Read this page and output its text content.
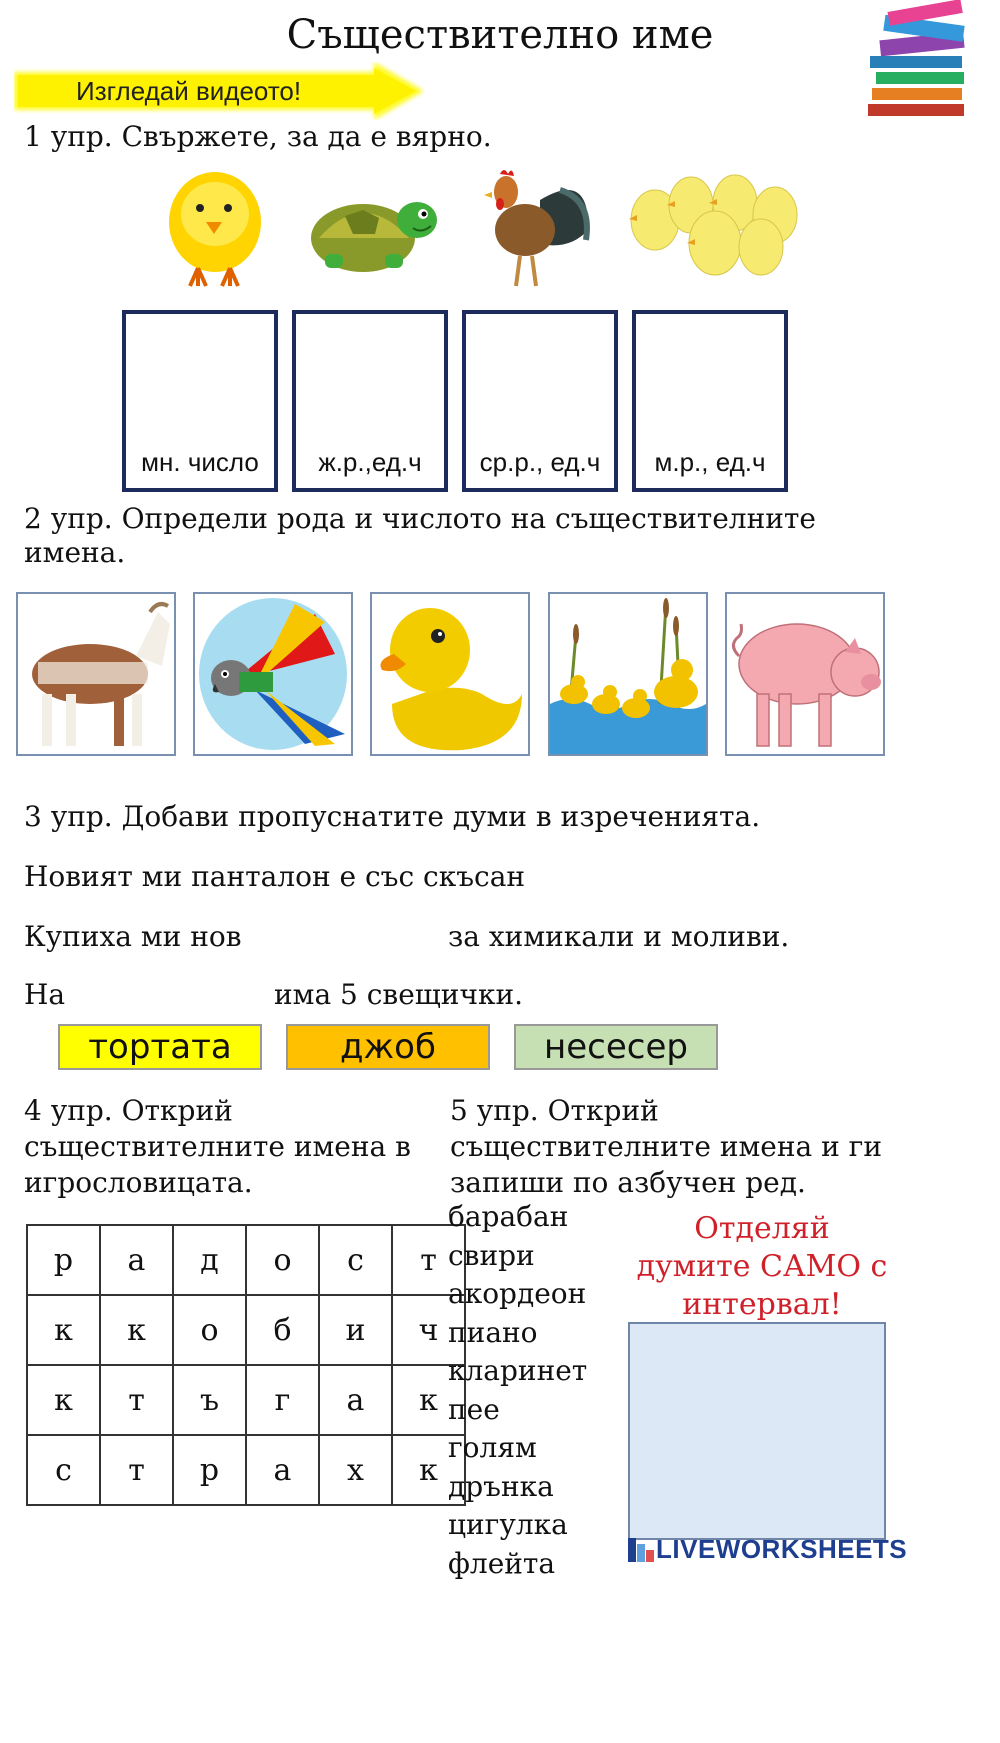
Съществително име
Изгледай видеото!
1 упр. Свържете, за да е вярно.
мн. число	ж.р.,ед.ч	ср.р., ед.ч	м.р., ед.ч
2 упр. Определи рода и числото на съществителните
имена.
3 упр. Добави пропуснатите думи в изреченията.
Новият ми панталон е със скъсан
Купиха ми нов	за химикали и моливи.
На	има 5 свещички.
тортата	джоб	несесер
4 упр. Открий
съществителните имена в
игрословицата.
р	а	д	о	с	т
к	к	о	б	и	ч
к	т	ъ	г	а	к
с	т	р	а	х	к
5 упр. Открий
съществителните имена и ги
запиши по азбучен ред.
барабан
свири
акордеон
пиано
кларинет
пее
голям
дрънка
цигулка
флейта
Отделяй
думите САМО с
интервал!
LIVEWORKSHEETS
